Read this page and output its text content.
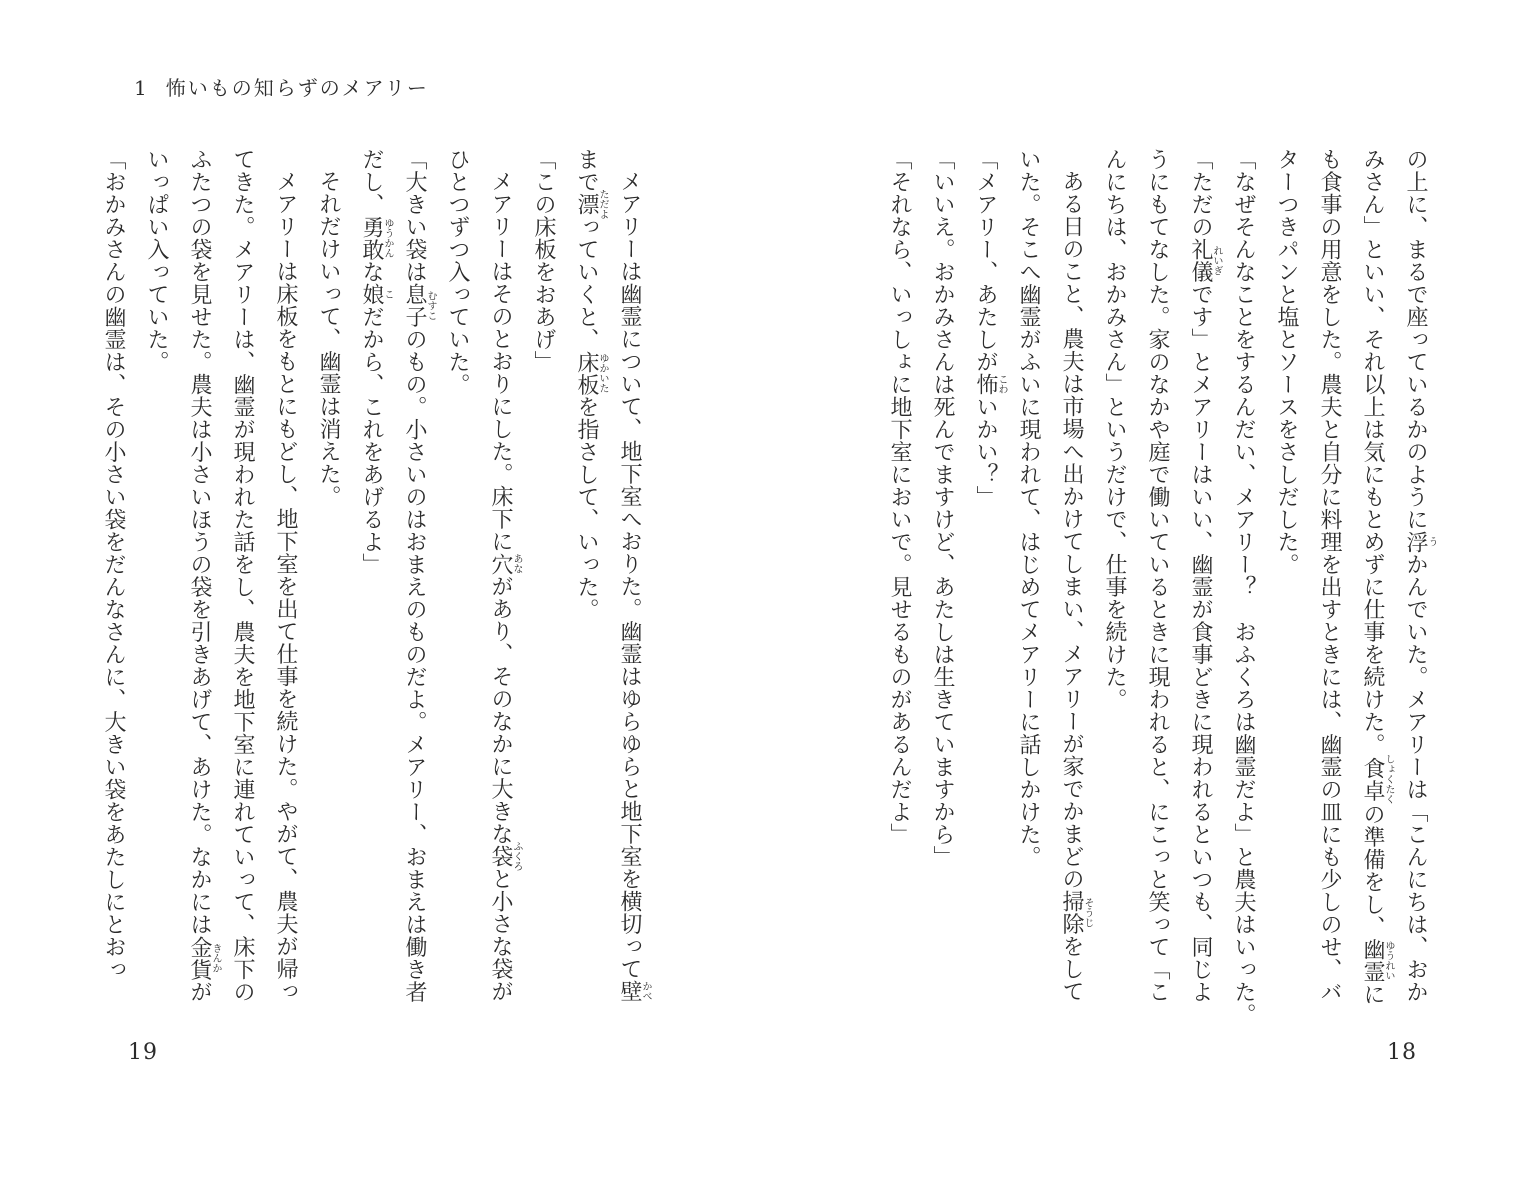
1 怖いもの知らずのメアリー
メアリーは幽霊について、地下室へおりた。幽霊はゆらゆらと地下室を横切って壁かべ
まで漂ただよっていくと、床板ゆかいたを指さして、いった。
「この床板をおあげ」
メアリーはそのとおりにした。床下に穴あながあり、そのなかに大きな袋ふくろと小さな袋が
ひとつずつ入っていた。
「大きい袋は息子むすこのもの。小さいのはおまえのものだよ。メアリー、おまえは働き者
だし、勇敢ゆうかんな娘こだから、これをあげるよ」
それだけいって、幽霊は消えた。
メアリーは床板をもとにもどし、地下室を出て仕事を続けた。やがて、農夫が帰っ
てきた。メアリーは、幽霊が現われた話をし、農夫を地下室に連れていって、床下の
ふたつの袋を見せた。農夫は小さいほうの袋を引きあげて、あけた。なかには金貨きんかが
いっぱい入っていた。
「おかみさんの幽霊は、その小さい袋をだんなさんに、大きい袋をあたしにとおっ
19
の上に、まるで座っているかのように浮うかんでいた。メアリーは「こんにちは、おか
みさん」といい、それ以上は気にもとめずに仕事を続けた。食卓しょくたくの準備をし、幽霊ゆうれいに
も食事の用意をした。農夫と自分に料理を出すときには、幽霊の皿にも少しのせ、バ
ターつきパンと塩とソースをさしだした。
「なぜそんなことをするんだい、メアリー？　おふくろは幽霊だよ」と農夫はいった。
「ただの礼儀れいぎです」とメアリーはいい、幽霊が食事どきに現われるといつも、同じよ
うにもてなした。家のなかや庭で働いているときに現われると、にこっと笑って「こ
んにちは、おかみさん」というだけで、仕事を続けた。
ある日のこと、農夫は市場へ出かけてしまい、メアリーが家でかまどの掃除そうじをして
いた。そこへ幽霊がふいに現われて、はじめてメアリーに話しかけた。
「メアリー、あたしが怖こわいかい？」
「いいえ。おかみさんは死んでますけど、あたしは生きていますから」
「それなら、いっしょに地下室においで。見せるものがあるんだよ」
18
